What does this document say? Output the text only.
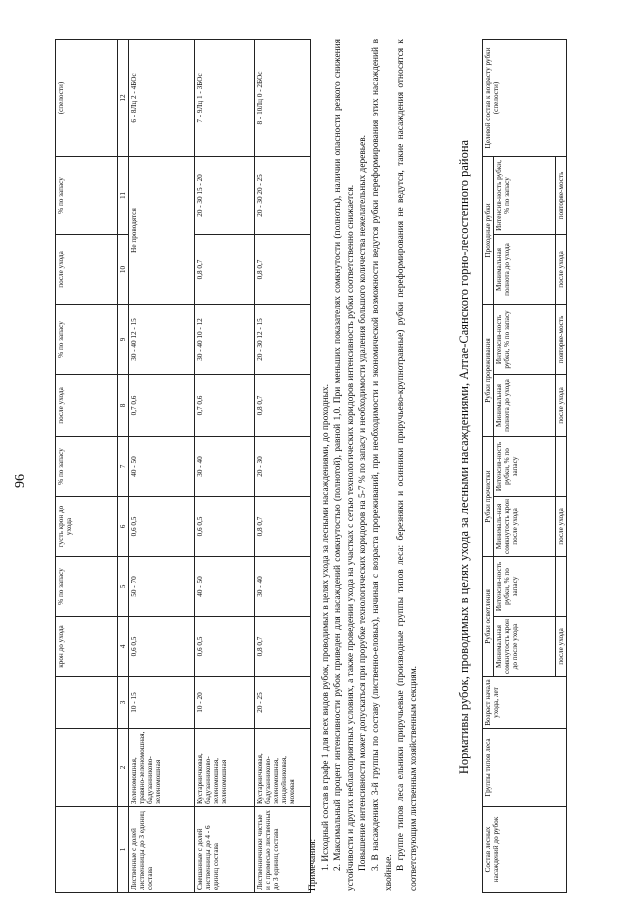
96
			крон до ухода	% по запасу	густь крон до ухода	% по запасу	после ухода	% по запасу	после ухода	% по запасу	(спелости)
1	2	3	4	5	6	7	8	9	10	11	12
Лиственные с долей лиственницы до 3 единиц состава	Зеленомошная, травяно-зеленомошная, бадузанниково-зеленомошная	10 - 15	0,6 0,5	50 - 70	0,6 0,5	40 - 50	0,7 0,6	30 - 40 12 - 15	Не проводятся		6 - 8Лц 2 - 4БОс
Смешанные с долей лиственницы до 4 - 6 единиц состава	Кустарничковая, бадузанниково-зеленомошная, зеленомошная	10 - 20	0,6 0,5	40 - 50	0,6 0,5	30 - 40	0,7 0,6	30 - 40 10 - 12	0,8 0,7	20 - 30 15 - 20	7 - 9Лц 1 - 3БОс
Лиственничники чистые и с примесью лиственных до 3 единиц состава	Кустарничковая, бадузанниково-зеленомошная, линдейниковая, моховая	20 - 25	0,8 0,7	30 - 40	0,8 0,7	20 - 30	0,8 0,7	20 - 30 12 - 15	0,8 0,7	20 - 30 20 - 25	8 - 10Лц 0 - 2БОс

Примечания: 1. Исходный состав в графе 1 для всех видов рубок, проводимых в целях ухода за лесными насаждениями, до проходных. 2. Максимальный процент интенсивности рубок приведен для насаждений сомкнутостью (полнотой), равной 1,0. При меньших показателях сомкнутости (полноты), наличии опасности резкого снижения устойчивости и других неблагоприятных условиях, а также проведении ухода на участках с сетью технологических коридоров интенсивность рубки соответственно снижается. Повышение интенсивности может допускаться при прорубке технологических коридоров на 5-7 % по запасу и необходимости удаления большого количества нежелательных деревьев. 3. В насаждениях 3-й группы по составу (лиственно-еловых), начиная с возраста прореживаний, при необходимости и экономической возможности ведутся рубки переформирования этих насаждений в хвойные.

В группе типов леса ельники приручьевые (производные группы типов леса: березняки и осинники приручьево-крупнотравные) рубки переформирования не ведутся, такие насаждения относятся к соответствующим лиственным хозяйственным секциям.

Нормативы рубок, проводимых в целях ухода за лесными насаждениями, Алтае-Саянского горно-лесостепного района
Состав лесных насаждений до рубок	Группы типов леса	Возраст начала ухода, лет	Рубки осветления		Рубки прочистки		Рубки прореживания		Проходные рубки		Целевой состав к возрасту рубки (спелости)
			Минимальная сомкнутость крон до после ухода	Интенсив-ность рубки, % по запасу	Минималь-ная сомкнутость крон после ухода	Интенсив-ность рубки, % по запасу	Минимальная полнота до ухода	Интенсив-ность рубки, % по запасу	Минимальная полнота до ухода	Интенсив-ность рубки, % по запасу	
			после ухода		после ухода		после ухода	повторяе-мость	после ухода	повторяе-мость	
